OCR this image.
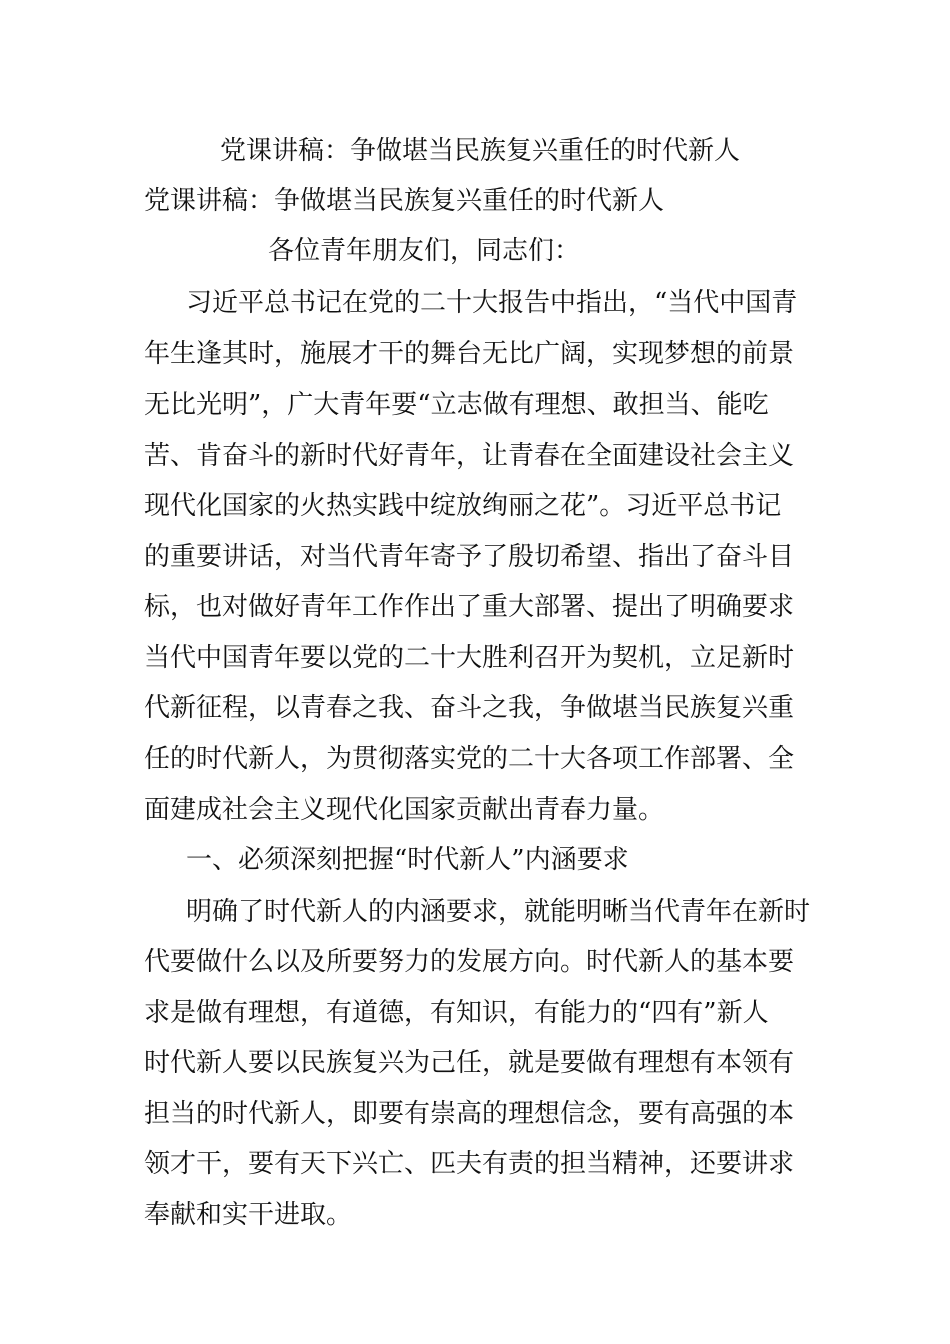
党课讲稿：争做堪当民族复兴重任的时代新人
党课讲稿：争做堪当民族复兴重任的时代新人
各位青年朋友们，同志们：
习近平总书记在党的二十大报告中指出，“当代中国青
年生逢其时，施展才干的舞台无比广阔，实现梦想的前景
无比光明”，广大青年要“立志做有理想、敢担当、能吃
苦、肯奋斗的新时代好青年，让青春在全面建设社会主义
现代化国家的火热实践中绽放绚丽之花”。习近平总书记
的重要讲话，对当代青年寄予了殷切希望、指出了奋斗目
标，也对做好青年工作作出了重大部署、提出了明确要求
当代中国青年要以党的二十大胜利召开为契机，立足新时
代新征程，以青春之我、奋斗之我，争做堪当民族复兴重
任的时代新人，为贯彻落实党的二十大各项工作部署、全
面建成社会主义现代化国家贡献出青春力量。
一、必须深刻把握“时代新人”内涵要求
明确了时代新人的内涵要求，就能明晰当代青年在新时
代要做什么以及所要努力的发展方向。时代新人的基本要
求是做有理想，有道德，有知识，有能力的“四有”新人
时代新人要以民族复兴为己任，就是要做有理想有本领有
担当的时代新人，即要有崇高的理想信念，要有高强的本
领才干，要有天下兴亡、匹夫有责的担当精神，还要讲求
奉献和实干进取。
